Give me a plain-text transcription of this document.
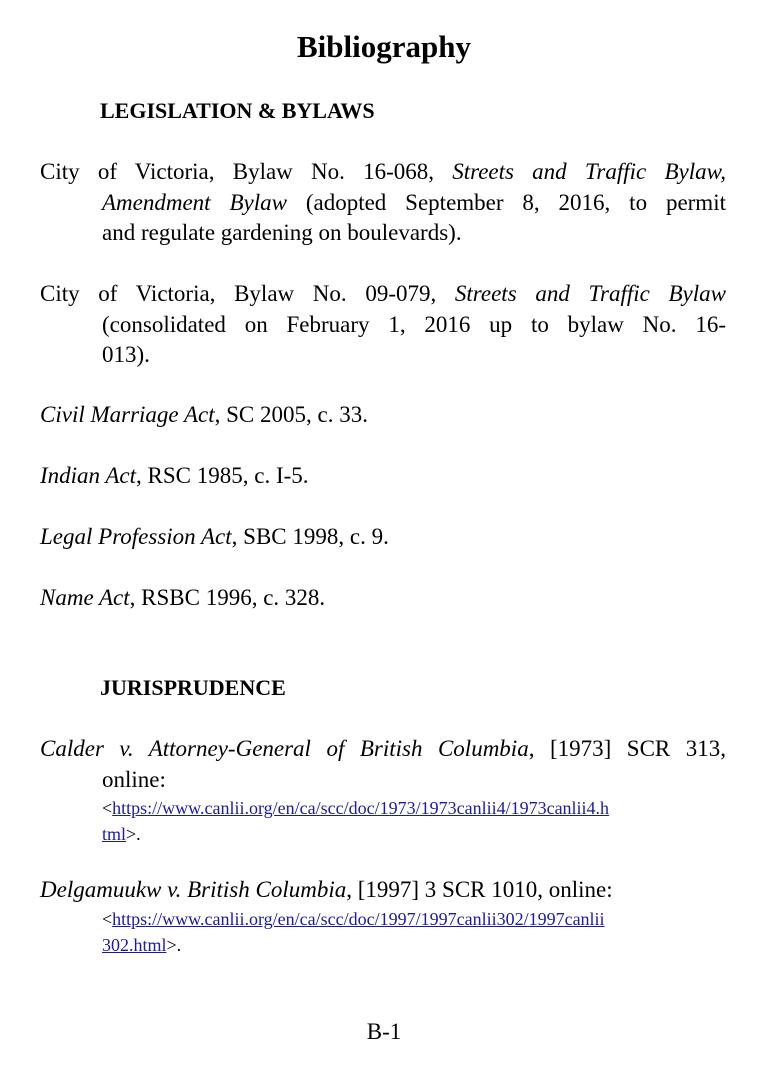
Bibliography
LEGISLATION & BYLAWS
City of Victoria, Bylaw No. 16-068, Streets and Traffic Bylaw,
Amendment Bylaw (adopted September 8, 2016, to permit
and regulate gardening on boulevards).
City of Victoria, Bylaw No. 09-079, Streets and Traffic Bylaw
(consolidated on February 1, 2016 up to bylaw No. 16-
013).
Civil Marriage Act, SC 2005, c. 33.
Indian Act, RSC 1985, c. I-5.
Legal Profession Act, SBC 1998, c. 9.
Name Act, RSBC 1996, c. 328.
JURISPRUDENCE
Calder v. Attorney-General of British Columbia, [1973] SCR 313,
online:
<https://www.canlii.org/en/ca/scc/doc/1973/1973canlii4/1973canlii4.h
tml>.
Delgamuukw v. British Columbia, [1997] 3 SCR 1010, online:
<https://www.canlii.org/en/ca/scc/doc/1997/1997canlii302/1997canlii
302.html>.
B-1
